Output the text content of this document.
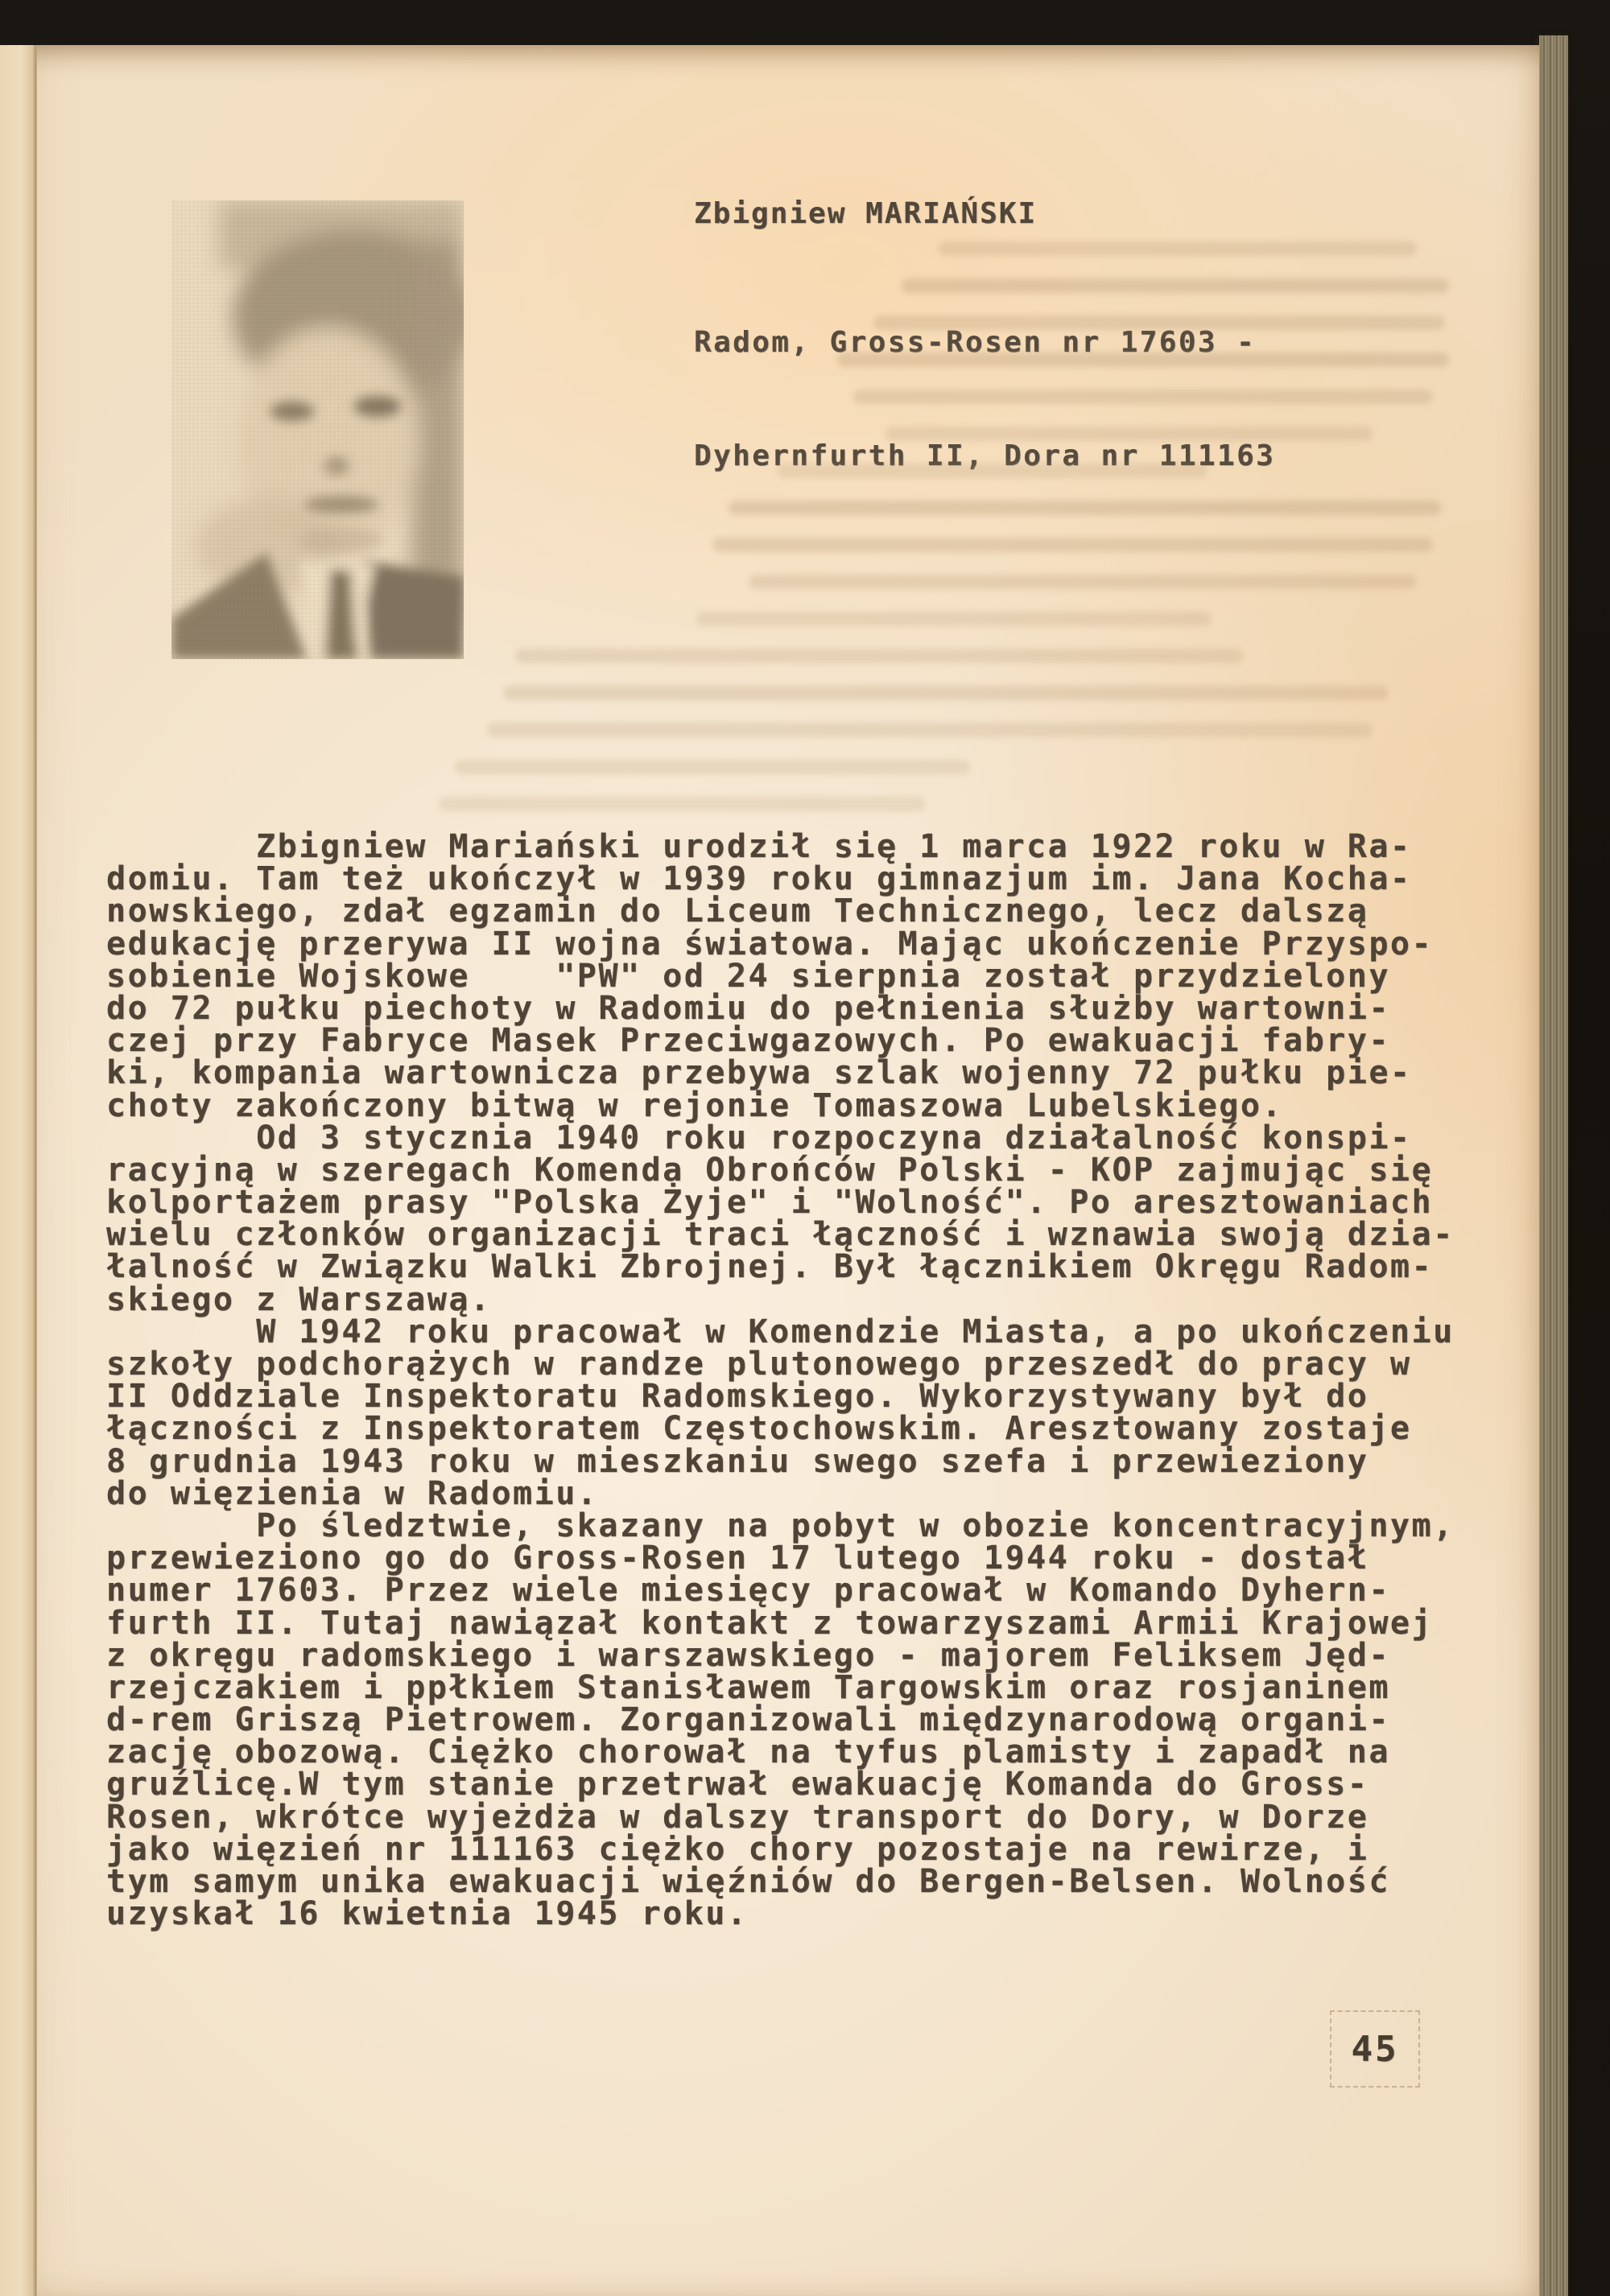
Zbigniew MARIAŃSKI

Radom, Gross-Rosen nr 17603 -

Dyhernfurth II, Dora nr 111163

Zbigniew Mariański urodził się 1 marca 1922 roku w Ra-
domiu. Tam też ukończył w 1939 roku gimnazjum im. Jana Kocha-
nowskiego, zdał egzamin do Liceum Technicznego, lecz dalszą
edukację przerywa II wojna światowa. Mając ukończenie Przyspo-
sobienie Wojskowe    "PW" od 24 sierpnia został przydzielony
do 72 pułku piechoty w Radomiu do pełnienia służby wartowni-
czej przy Fabryce Masek Przeciwgazowych. Po ewakuacji fabry-
ki, kompania wartownicza przebywa szlak wojenny 72 pułku pie-
choty zakończony bitwą w rejonie Tomaszowa Lubelskiego.
Od 3 stycznia 1940 roku rozpoczyna działalność konspi-
racyjną w szeregach Komenda Obrońców Polski - KOP zajmując się
kolportażem prasy "Polska Żyje" i "Wolność". Po aresztowaniach
wielu członków organizacji traci łączność i wznawia swoją dzia-
łalność w Związku Walki Zbrojnej. Był łącznikiem Okręgu Radom-
skiego z Warszawą.
W 1942 roku pracował w Komendzie Miasta, a po ukończeniu
szkoły podchorążych w randze plutonowego przeszedł do pracy w
II Oddziale Inspektoratu Radomskiego. Wykorzystywany był do
łączności z Inspektoratem Częstochowskim. Aresztowany zostaje
8 grudnia 1943 roku w mieszkaniu swego szefa i przewieziony
do więzienia w Radomiu.
Po śledztwie, skazany na pobyt w obozie koncentracyjnym,
przewieziono go do Gross-Rosen 17 lutego 1944 roku - dostał
numer 17603. Przez wiele miesięcy pracował w Komando Dyhern-
furth II. Tutaj nawiązał kontakt z towarzyszami Armii Krajowej
z okręgu radomskiego i warszawskiego - majorem Feliksem Jęd-
rzejczakiem i ppłkiem Stanisławem Targowskim oraz rosjaninem
d-rem Griszą Pietrowem. Zorganizowali międzynarodową organi-
zację obozową. Ciężko chorował na tyfus plamisty i zapadł na
gruźlicę.W tym stanie przetrwał ewakuację Komanda do Gross-
Rosen, wkrótce wyjeżdża w dalszy transport do Dory, w Dorze
jako więzień nr 111163 ciężko chory pozostaje na rewirze, i
tym samym unika ewakuacji więźniów do Bergen-Belsen. Wolność
uzyskał 16 kwietnia 1945 roku.
45
